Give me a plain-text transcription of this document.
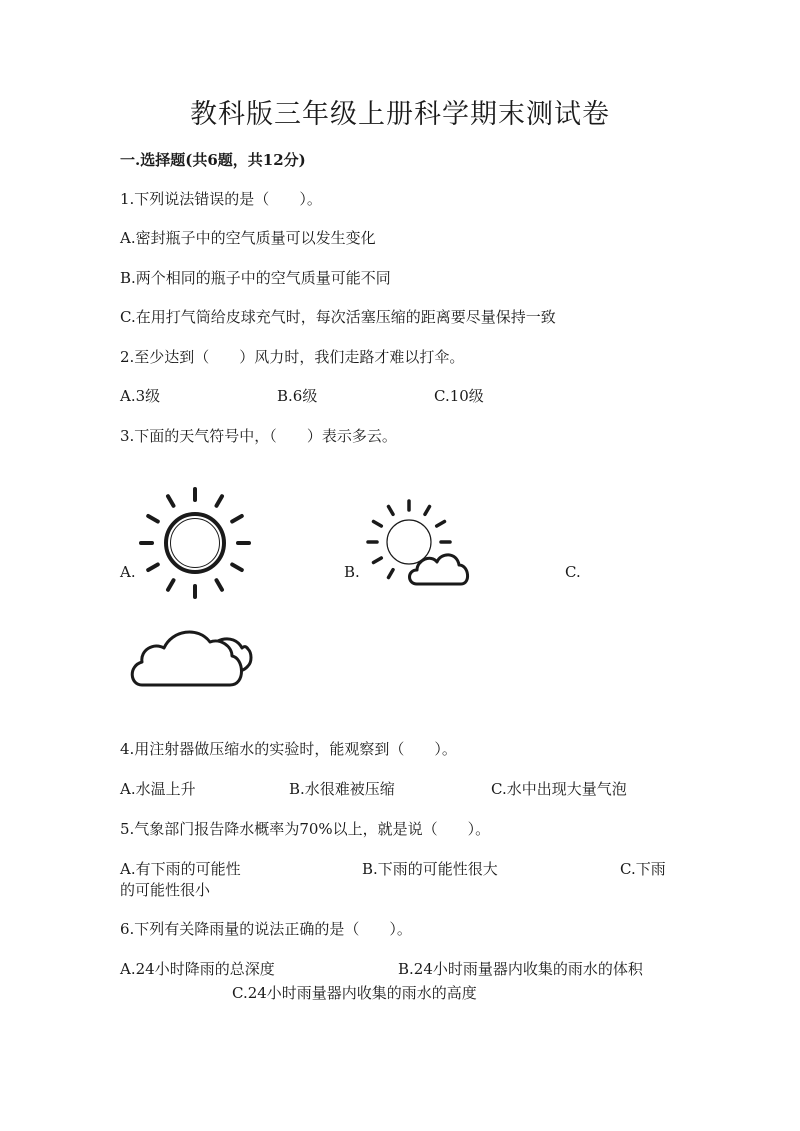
教科版三年级上册科学期末测试卷
一.选择题(共6题，共12分)
1.下列说法错误的是（　　）。
A.密封瓶子中的空气质量可以发生变化
B.两个相同的瓶子中的空气质量可能不同
C.在用打气筒给皮球充气时，每次活塞压缩的距离要尽量保持一致
2.至少达到（　　）风力时，我们走路才难以打伞。
A.3级	B.6级	C.10级
3.下面的天气符号中，（　　）表示多云。
A.	B.	C.
4.用注射器做压缩水的实验时，能观察到（　　）。
A.水温上升	B.水很难被压缩	C.水中出现大量气泡
5.气象部门报告降水概率为70%以上，就是说（　　）。
A.有下雨的可能性	B.下雨的可能性很大	C.下雨
的可能性很小
6.下列有关降雨量的说法正确的是（　　）。
A.24小时降雨的总深度	B.24小时雨量器内收集的雨水的体积
C.24小时雨量器内收集的雨水的高度
